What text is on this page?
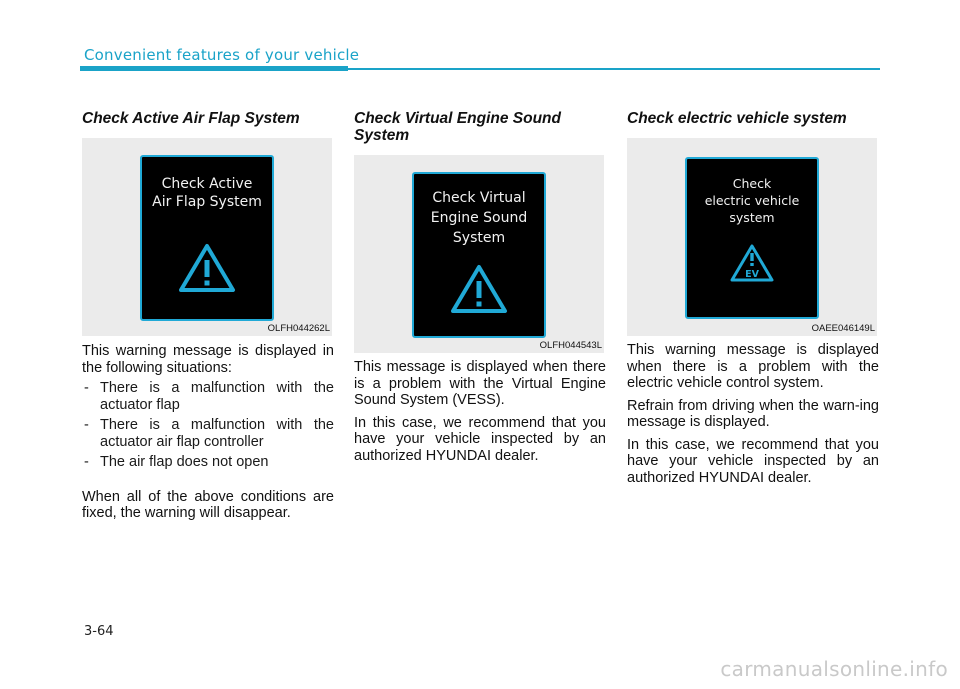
Convenient features of your vehicle
Check Active Air Flap System
Check Active
Air Flap System
OLFH044262L

This warning message is displayed in the following situations:

- There is a malfunction with the actuator flap
- There is a malfunction with the actuator air flap controller
- The air flap does not open

When all of the above conditions are fixed, the warning will disappear.

Check Virtual Engine Sound System
Check Virtual
Engine Sound
System
OLFH044543L

This message is displayed when there is a problem with the Virtual Engine Sound System (VESS).

In this case, we recommend that you have your vehicle inspected by an authorized HYUNDAI dealer.

Check electric vehicle system
Check
electric vehicle
system
EV
OAEE046149L

This warning message is displayed when there is a problem with the electric vehicle control system.

Refrain from driving when the warn-ing message is displayed.

In this case, we recommend that you have your vehicle inspected by an authorized HYUNDAI dealer.

3-64
carmanualsonline.info
